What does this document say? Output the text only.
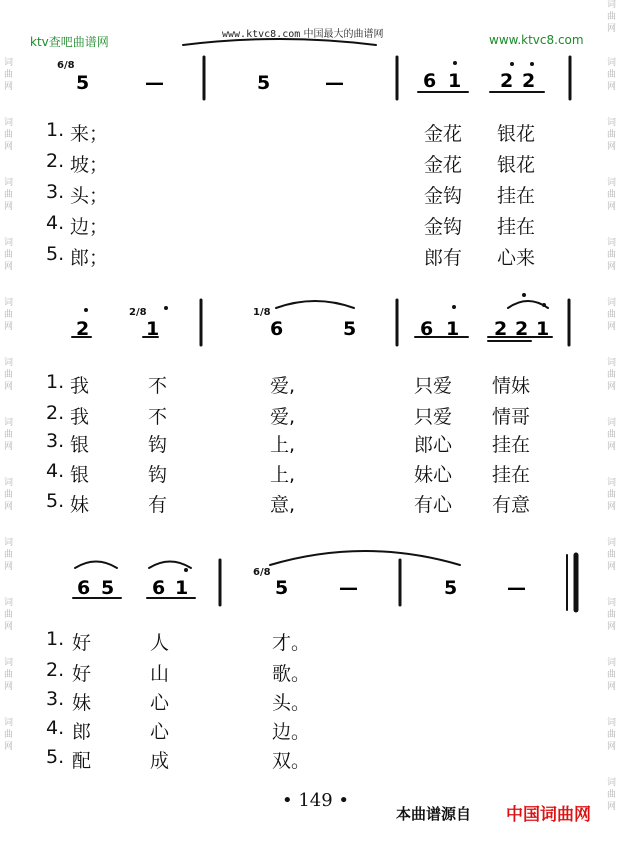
ktv查吧曲谱网
www.ktvc8.com 中国最大的曲谱网	www.ktvc8.com
词
曲
网
词
曲
网
词
曲
网
词
曲
网
词
曲
网
词
曲
网
词
曲
网
词
曲
网
词
曲
网
词
曲
网
词
曲
网
词
曲
网
词
曲
网
词
曲
网
词
曲
网
词
曲
网
词
曲
网
词
曲
网
词
曲
网
词
曲
网
词
曲
网
词
曲
网
词
曲
网
词
曲
网
词
曲
网
词
曲
网
5	—	5	—	6 1 2 2
2	1	6	5	6 1 2 2 1
6 5 6 1	5	—	5	—
6/8
2/8	1/8
6/8
1. 来；	金花 银花
2. 坡；	金花 银花
3. 头；	金钩 挂在
4. 边；	金钩 挂在
5. 郎；	郎有 心来
1. 我	不	爱,	只爱 情妹
2. 我	不	爱,	只爱 情哥
3. 银	钩	上,	郎心 挂在
4. 银	钩	上,	妹心 挂在
5. 妹	有	意,	有心 有意
1. 好	人	才。
2. 好	山	歌。
3. 妹	心	头。
4. 郎	心	边。
5. 配	成	双。
• 149 •
本曲谱源自 中国词曲网
